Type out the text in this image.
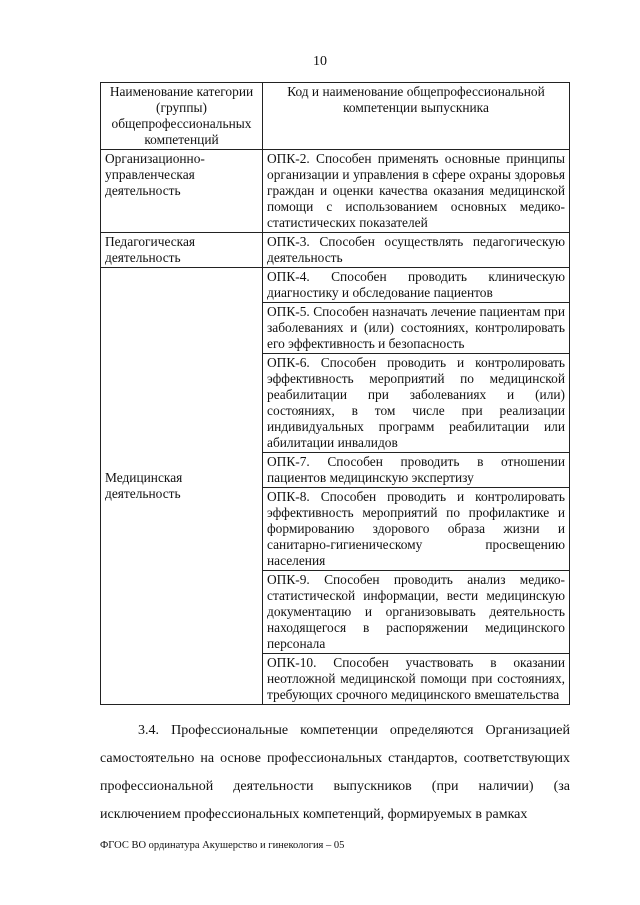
10
Наименование категории (группы) общепрофессиональных компетенций	Код и наименование общепрофессиональной компетенции выпускника
Организационно-управленческая деятельность	ОПК-2. Способен применять основные принципы организации и управления в сфере охраны здоровья граждан и оценки качества оказания медицинской помощи с использованием основных медико-статистических показателей
Педагогическая деятельность	ОПК-3. Способен осуществлять педагогическую деятельность
Медицинская деятельность	ОПК-4. Способен проводить клиническую диагностику и обследование пациентов
	ОПК-5. Способен назначать лечение пациентам при заболеваниях и (или) состояниях, контролировать его эффективность и безопасность
	ОПК-6. Способен проводить и контролировать эффективность мероприятий по медицинской реабилитации при заболеваниях и (или) состояниях, в том числе при реализации индивидуальных программ реабилитации или абилитации инвалидов
	ОПК-7. Способен проводить в отношении пациентов медицинскую экспертизу
	ОПК-8. Способен проводить и контролировать эффективность мероприятий по профилактике и формированию здорового образа жизни и санитарно-гигиеническому просвещению населения
	ОПК-9. Способен проводить анализ медико-статистической информации, вести медицинскую документацию и организовывать деятельность находящегося в распоряжении медицинского персонала
	ОПК-10. Способен участвовать в оказании неотложной медицинской помощи при состояниях, требующих срочного медицинского вмешательства

3.4. Профессиональные компетенции определяются Организацией самостоятельно на основе профессиональных стандартов, соответствующих профессиональной деятельности выпускников (при наличии) (за исключением профессиональных компетенций, формируемых в рамках

ФГОС ВО ординатура Акушерство и гинекология – 05
